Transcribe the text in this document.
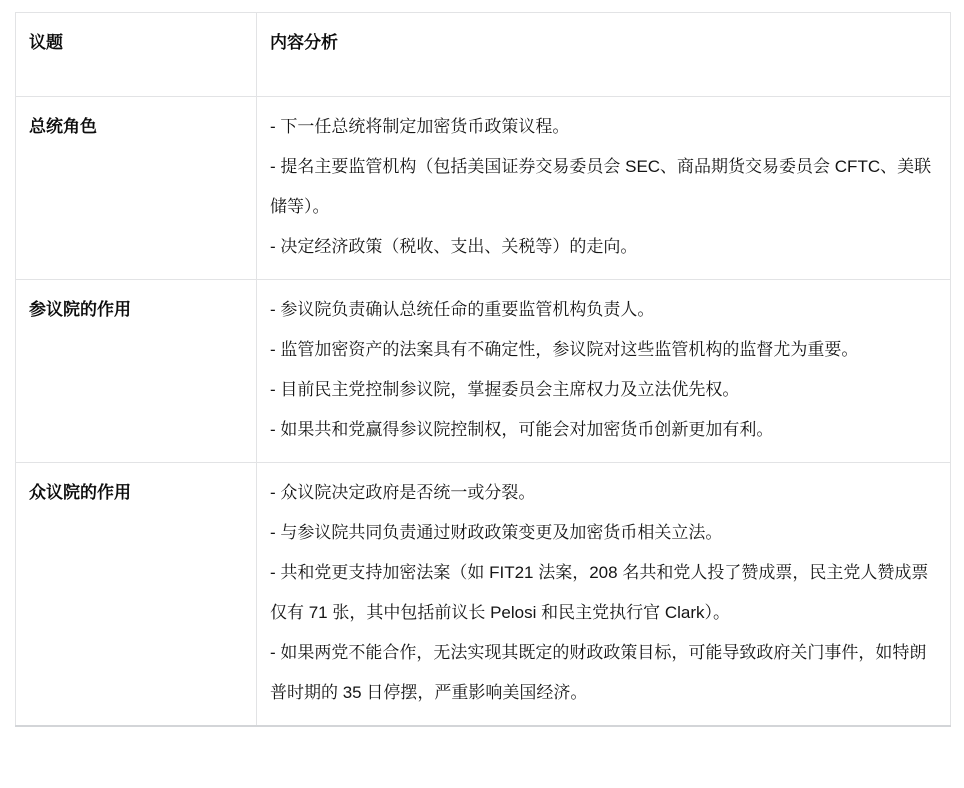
议题	内容分析
总统角色	- 下一任总统将制定加密货币政策议程。

- 提名主要监管机构（包括美国证券交易委员会 SEC、商品期货交易委员会 CFTC、美联储等）。

- 决定经济政策（税收、支出、关税等）的走向。

参议院的作用	- 参议院负责确认总统任命的重要监管机构负责人。

- 监管加密资产的法案具有不确定性，参议院对这些监管机构的监督尤为重要。

- 目前民主党控制参议院，掌握委员会主席权力及立法优先权。

- 如果共和党赢得参议院控制权，可能会对加密货币创新更加有利。

众议院的作用	- 众议院决定政府是否统一或分裂。

- 与参议院共同负责通过财政政策变更及加密货币相关立法。

- 共和党更支持加密法案（如 FIT21 法案，208 名共和党人投了赞成票，民主党人赞成票仅有 71 张，其中包括前议长 Pelosi 和民主党执行官 Clark）。

- 如果两党不能合作，无法实现其既定的财政政策目标，可能导致政府关门事件，如特朗普时期的 35 日停摆，严重影响美国经济。
